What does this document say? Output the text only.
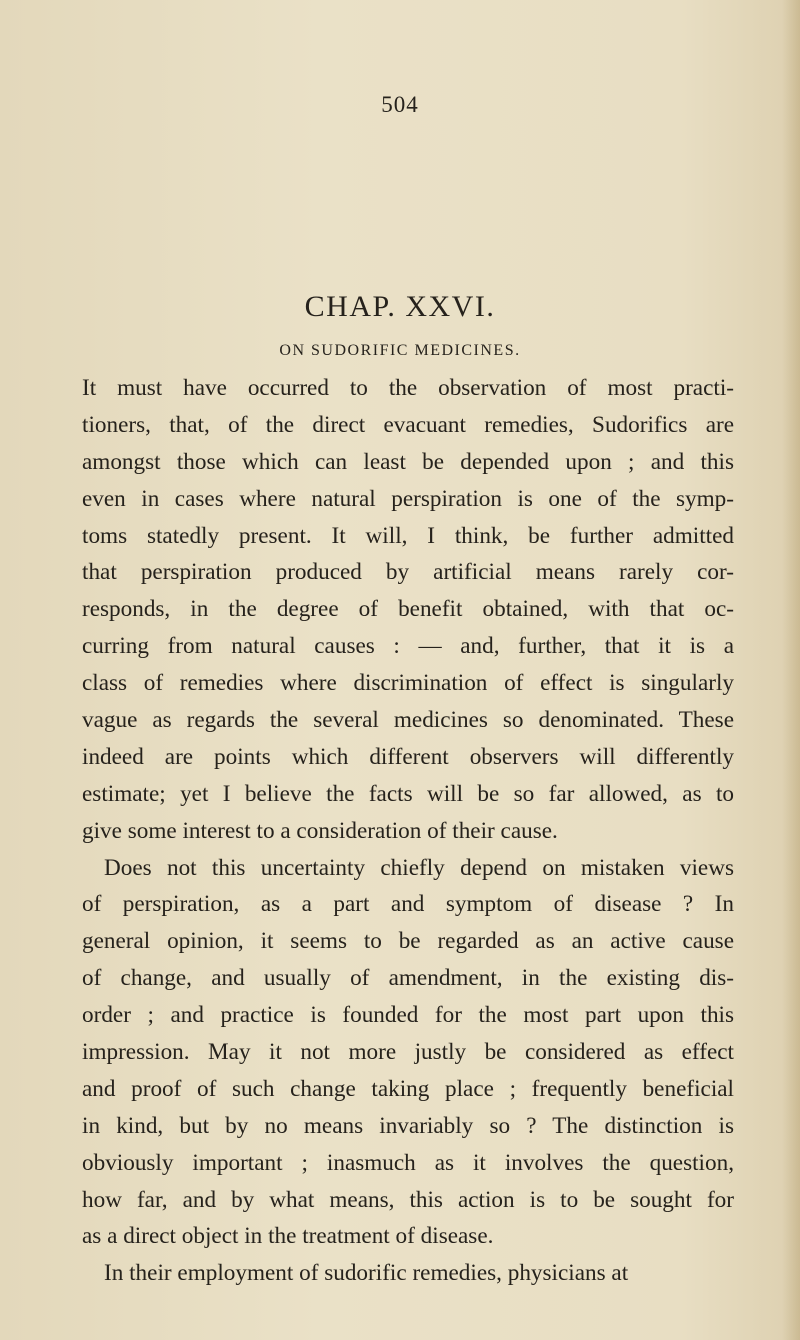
504
CHAP. XXVI.
ON SUDORIFIC MEDICINES.
It must have occurred to the observation of most practi-
tioners, that, of the direct evacuant remedies, Sudorifics are
amongst those which can least be depended upon ; and this
even in cases where natural perspiration is one of the symp-
toms statedly present. It will, I think, be further admitted
that perspiration produced by artificial means rarely cor-
responds, in the degree of benefit obtained, with that oc-
curring from natural causes : — and, further, that it is a
class of remedies where discrimination of effect is singularly
vague as regards the several medicines so denominated. These
indeed are points which different observers will differently
estimate; yet I believe the facts will be so far allowed, as to
give some interest to a consideration of their cause.
Does not this uncertainty chiefly depend on mistaken views
of perspiration, as a part and symptom of disease ? In
general opinion, it seems to be regarded as an active cause
of change, and usually of amendment, in the existing dis-
order ; and practice is founded for the most part upon this
impression. May it not more justly be considered as effect
and proof of such change taking place ; frequently beneficial
in kind, but by no means invariably so ? The distinction is
obviously important ; inasmuch as it involves the question,
how far, and by what means, this action is to be sought for
as a direct object in the treatment of disease.
In their employment of sudorific remedies, physicians at
